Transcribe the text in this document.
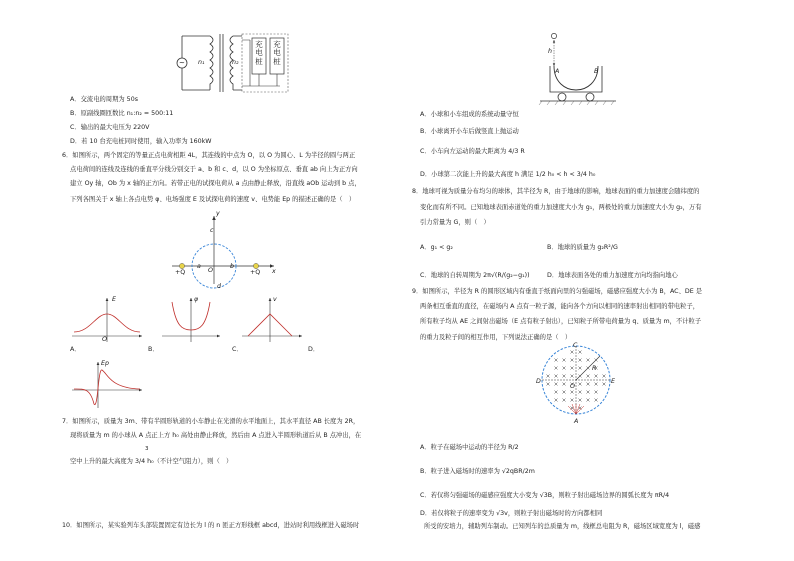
~ n₁	n₂
充电桩
充电桩
A．交流电的周期为 50s
B．原副线圈匝数比 n₁:n₂ = 500:11
C．输出的最大电压为 220V
D．若 10 台充电桩同时使用，输入功率为 160kW
6．如图所示，两个固定的等量正点电荷相距 4L，其连线的中点为 O，以 O 为圆心、L 为半径的圆与两正
点电荷间的连线及连线的垂直平分线分别交于 a、b 和 c、d，以 O 为坐标原点、垂直 ab 向上为正方向
建立 Oy 轴，Ob 为 x 轴的正方向。若带正电的试探电荷从 a 点由静止释放，沿直线 aOb 运动到 b 点，
下列各图关于 x 轴上各点电势 φ、电场强度 E 及试探电荷的速度 v、电势能 Ep 的描述正确的是（　）
y
c
+Q
a
O
b
+Q x
d
E
O
A．
φ
B．
v
C．	D．
Ep
7．如图所示，质量为 3m、带有半圆形轨道的小车静止在光滑的水平地面上，其水平直径 AB 长度为 2R，
现将质量为 m 的小球从 A 点正上方 h₀ 高处由静止释放，然后由 A 点进入半圆形轨道后从 B 点冲出，在
空中上升的最大高度为 3/4 h₀（不计空气阻力），则（　）
3
10．如图所示，某实验列车头部装置固定有边长为 l 的 n 匝正方形线框 abcd，进站时利用线框进入磁场时
h
A	B
A．小球和小车组成的系统动量守恒
B．小球离开小车后做竖直上抛运动
C．小车向左运动的最大距离为 4/3 R
D．小球第二次能上升的最大高度 h 满足 1/2 h₀ < h < 3/4 h₀
8．地球可视为质量分布均匀的球体，其半径为 R，由于地球的影响，地球表面的重力加速度会随纬度的
变化而有所不同。已知地球表面赤道处的重力加速度大小为 g₁，两极处的重力加速度大小为 g₂，万有
引力常量为 G，则（　）
A．g₁ < g₂	B．地球的质量为 g₂R²/G
C．地球的自转周期为 2π√(R/(g₂−g₁))	D．地球表面各处的重力加速度方向均指向地心
9．如图所示，半径为 R 的圆形区域内有垂直于纸面向里的匀强磁场，磁感应强度大小为 B，AC、DE 是
两条相互垂直的直径，在磁场内 A 点有一粒子源，能向各个方向以相同的速率射出相同的带电粒子，
所有粒子均从 AE 之间射出磁场（E 点有粒子射出），已知粒子所带电荷量为 q、质量为 m，不计粒子
的重力及粒子间的相互作用，下列说法正确的是（　）
C
D	E
R
O
A
A．粒子在磁场中运动的半径为 R/2
B．粒子进入磁场时的速率为 √2qBR/2m
C．若仅将匀强磁场的磁感应强度大小变为 √3B，则粒子射出磁场边界的圆弧长度为 πR/4
D．若仅将粒子的速率变为 √3v，则粒子射出磁场时的方向都相同
所受的安培力，辅助列车制动。已知列车的总质量为 m，线框总电阻为 R，磁场区域宽度为 l，磁感
